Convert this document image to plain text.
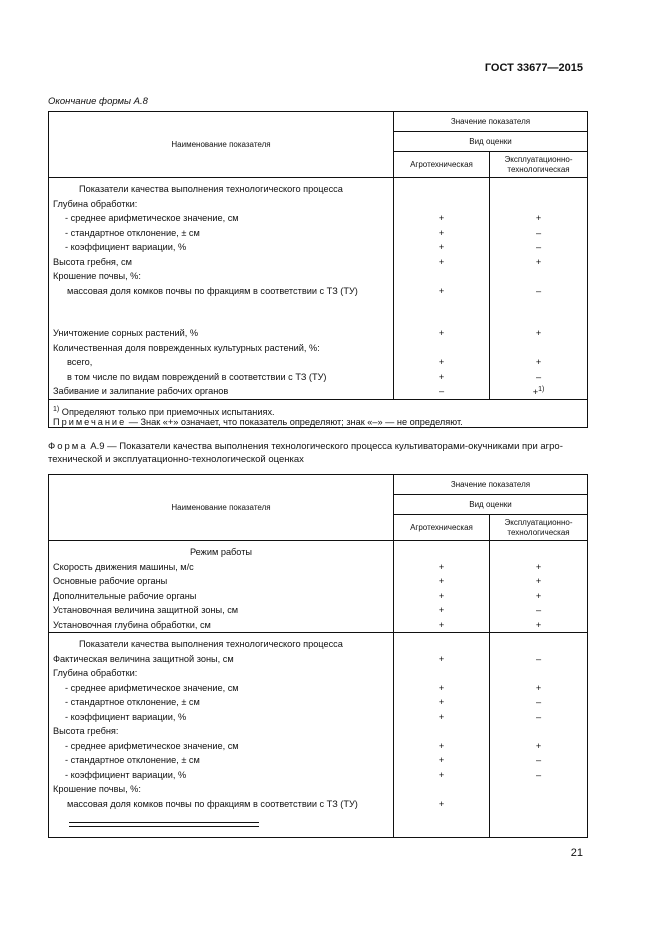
ГОСТ 33677—2015
Окончание формы А.8
Наименование показателя	Значение показателя	
	Вид оценки	
	Агротехническая	Эксплуатационно-технологическая
Показатели качества выполнения технологического процесса		
Глубина обработки:		
- среднее арифметическое значение, см	+	+
- стандартное отклонение, ± см	+	–
- коэффициент вариации, %	+	–
Высота гребня, см	+	+
Крошение почвы, %:		
массовая доля комков почвы по фракциям в соответствии с ТЗ (ТУ)	+	–

Уничтожение сорных растений, %	+	+
Количественная доля поврежденных культурных растений, %:		
всего,	+	+
в том числе по видам повреждений в соответствии с ТЗ (ТУ)	+	–
Забивание и залипание рабочих органов	–	+$^{1)}$
$^{1)}$ Определяют только при приемочных испытаниях.		
Примечание — Знак «+» означает, что показатель определяют; знак «–» — не определяют.		
Форма А.9 — Показатели качества выполнения технологического процесса культиваторами-окучниками при агро-технической и эксплуатационно-технологической оценках
Наименование показателя	Значение показателя	
	Вид оценки	
	Агротехническая	Эксплуатационно-технологическая
Режим работы		
Скорость движения машины, м/с	+	+
Основные рабочие органы	+	+
Дополнительные рабочие органы	+	+
Установочная величина защитной зоны, см	+	–
Установочная глубина обработки, см	+	+
Показатели качества выполнения технологического процесса		
Фактическая величина защитной зоны, см	+	–
Глубина обработки:		
- среднее арифметическое значение, см	+	+
- стандартное отклонение, ± см	+	–
- коэффициент вариации, %	+	–
Высота гребня:		
- среднее арифметическое значение, см	+	+
- стандартное отклонение, ± см	+	–
- коэффициент вариации, %	+	–
Крошение почвы, %:		
массовая доля комков почвы по фракциям в соответствии с ТЗ (ТУ)	+	

21
